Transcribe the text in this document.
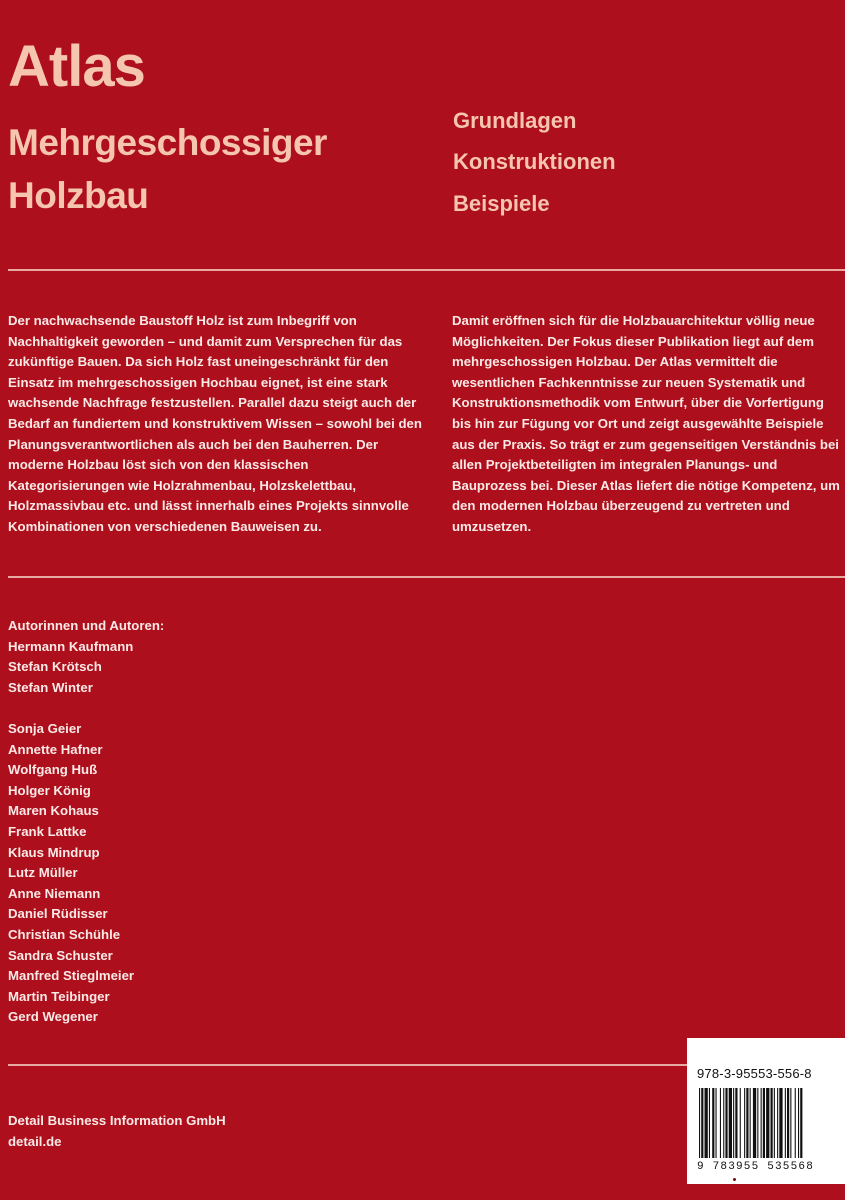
Atlas
Mehrgeschossiger
Holzbau
Grundlagen
Konstruktionen
Beispiele
Der nachwachsende Baustoff Holz ist zum Inbegriff von Nachhaltigkeit geworden – und damit zum Versprechen für das zukünftige Bauen. Da sich Holz fast uneingeschränkt für den Einsatz im mehrgeschossigen Hochbau eignet, ist eine stark wachsende Nachfrage festzustellen. Parallel dazu steigt auch der Bedarf an fundiertem und konstruktivem Wissen – sowohl bei den Planungsverantwortlichen als auch bei den Bauherren. Der moderne Holzbau löst sich von den klassischen Kategorisierungen wie Holzrahmenbau, Holzskelettbau, Holzmassivbau etc. und lässt innerhalb eines Projekts sinnvolle Kombinationen von verschiedenen Bauweisen zu.
Damit eröffnen sich für die Holzbauarchitektur völlig neue Möglichkeiten. Der Fokus dieser Publikation liegt auf dem mehrgeschossigen Holzbau. Der Atlas vermittelt die wesentlichen Fachkenntnisse zur neuen Systematik und Konstruktionsmethodik vom Entwurf, über die Vorfertigung bis hin zur Fügung vor Ort und zeigt ausgewählte Beispiele aus der Praxis. So trägt er zum gegenseitigen Verständnis bei allen Projektbeteiligten im integralen Planungs- und Bauprozess bei. Dieser Atlas liefert die nötige Kompetenz, um den modernen Holzbau überzeugend zu vertreten und umzusetzen.
Autorinnen und Autoren:
Hermann Kaufmann
Stefan Krötsch
Stefan Winter
Sonja Geier
Annette Hafner
Wolfgang Huß
Holger König
Maren Kohaus
Frank Lattke
Klaus Mindrup
Lutz Müller
Anne Niemann
Daniel Rüdisser
Christian Schühle
Sandra Schuster
Manfred Stieglmeier
Martin Teibinger
Gerd Wegener
Detail Business Information GmbH
detail.de
978-3-95553-556-8
9 783955 535568
